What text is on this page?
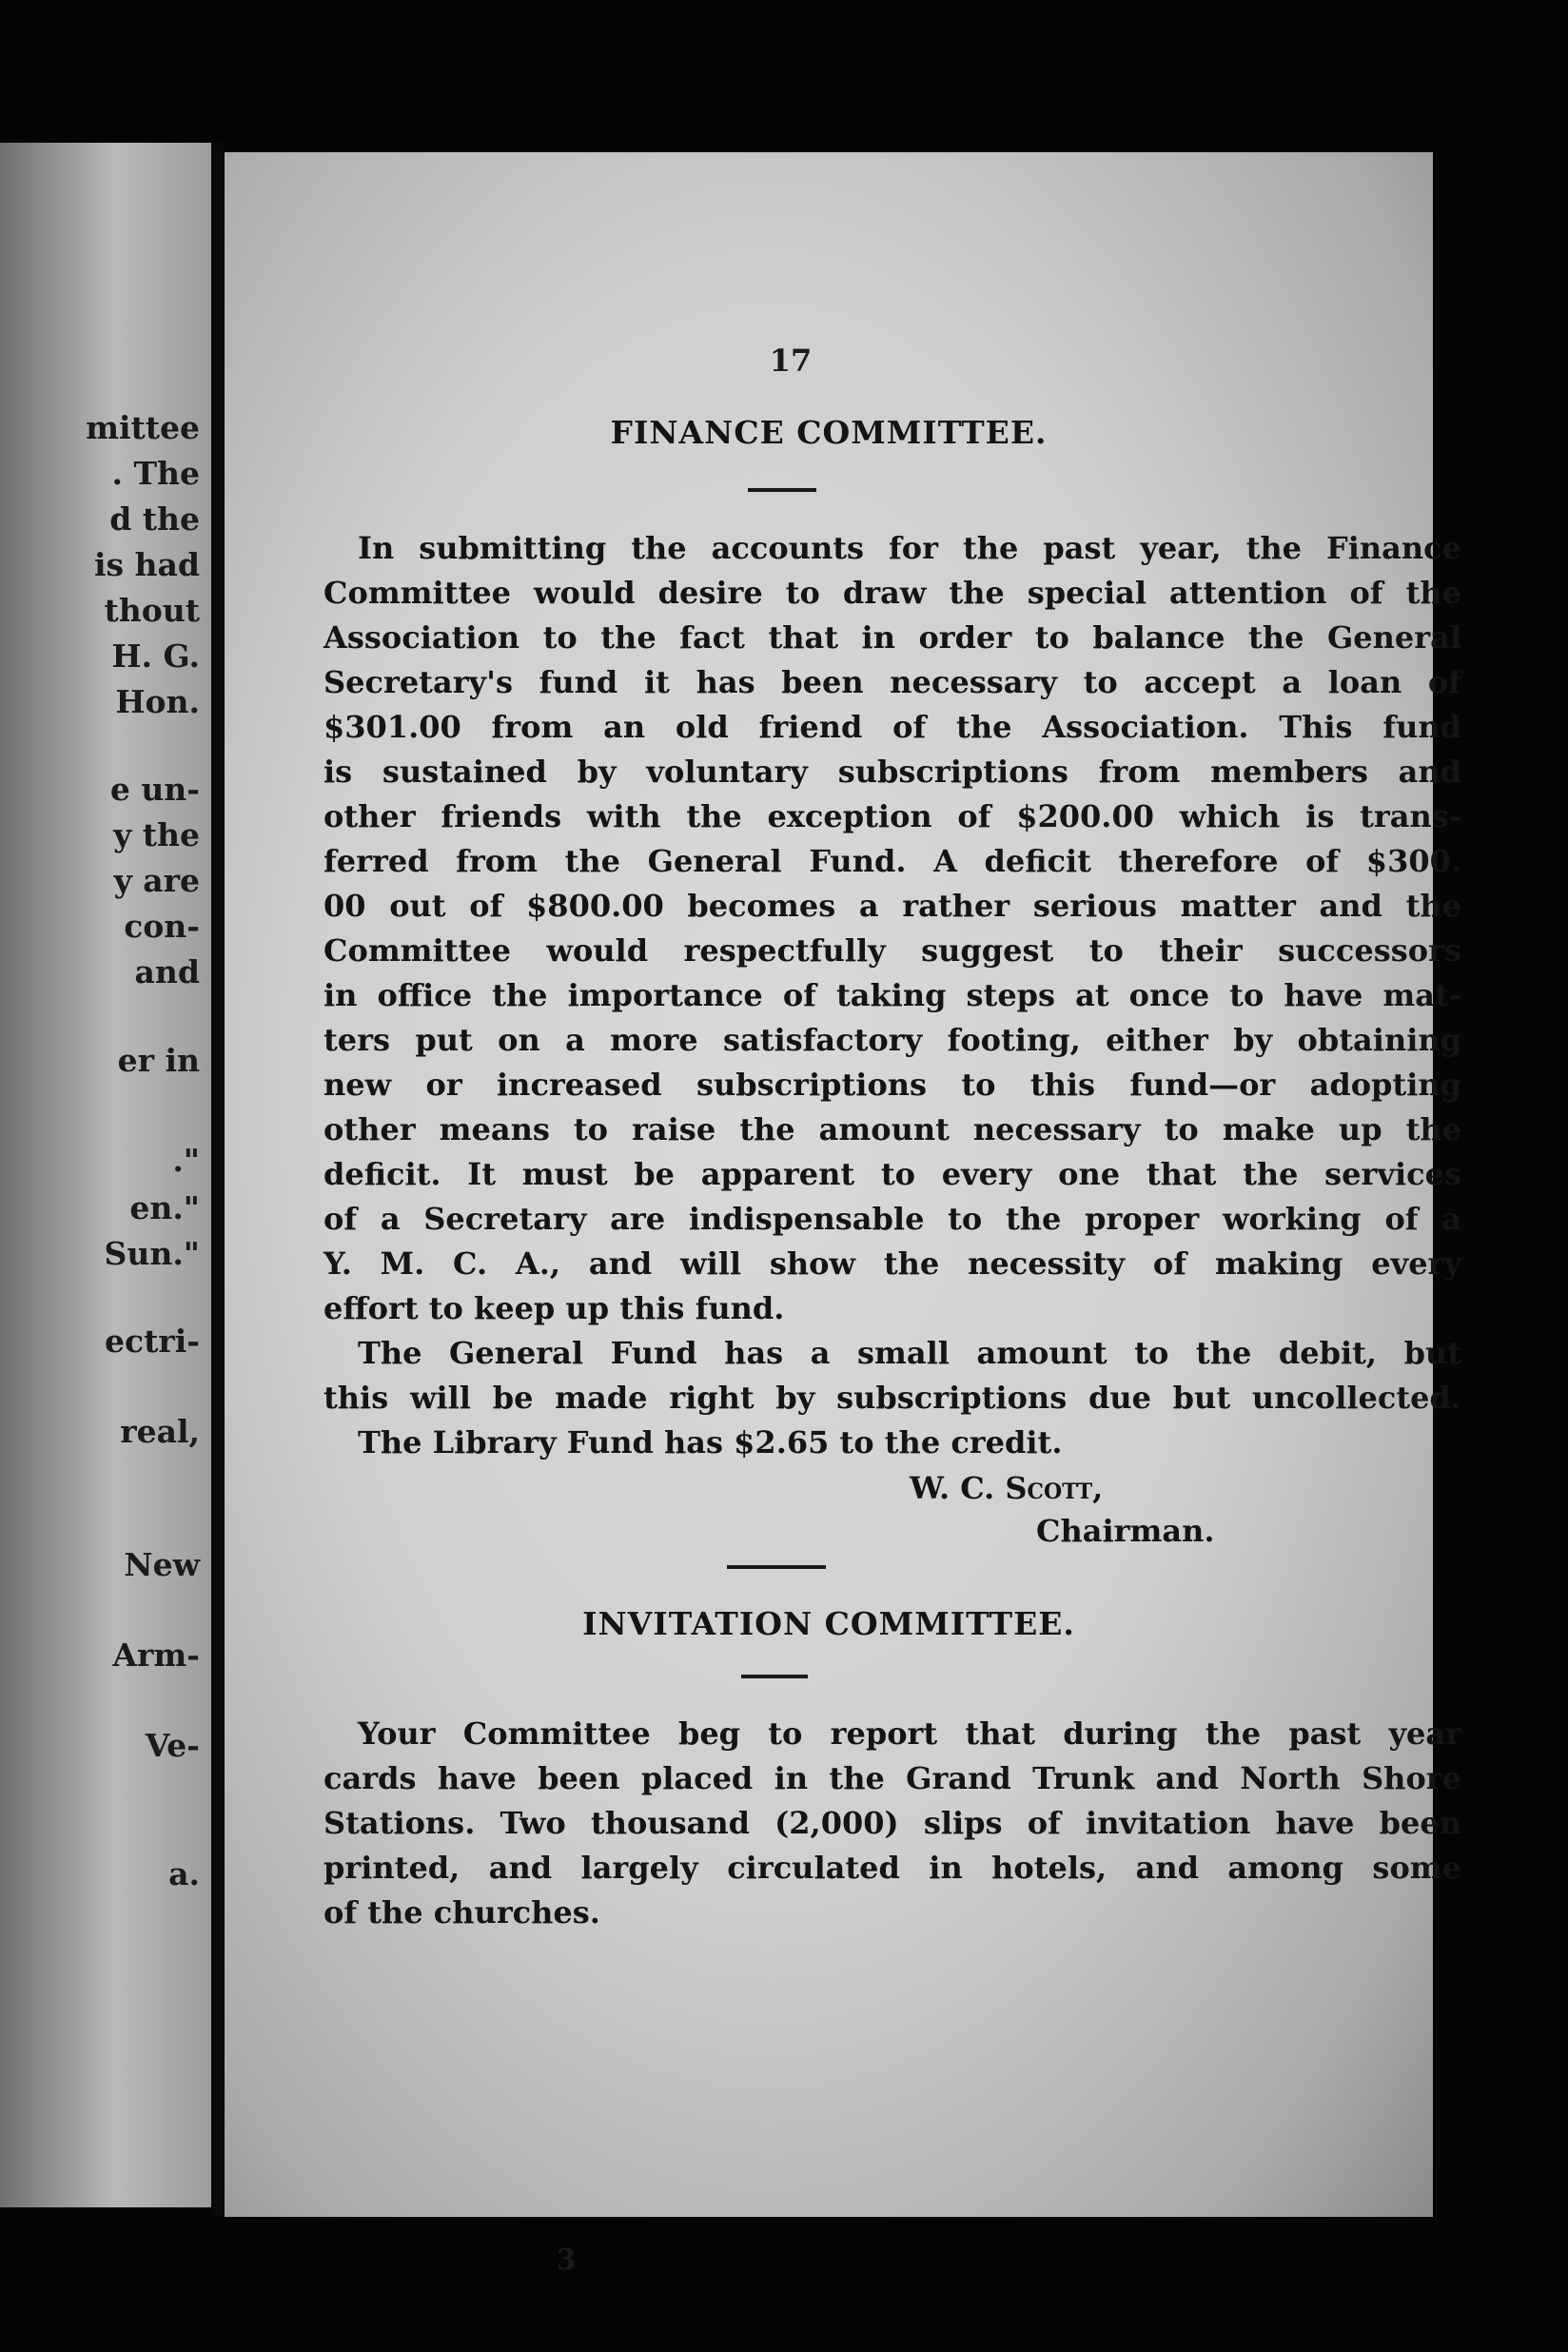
mittee

. The

d the

is had

thout

H. G.

Hon.

e un-

y the

y are

con-

and

er in

."

en."

Sun."

ectri-

real,

New

Arm-

Ve-

a.

17

FINANCE COMMITTEE.

In submitting the accounts for the past year, the Finance

Committee would desire to draw the special attention of the

Association to the fact that in order to balance the General

Secretary's fund it has been necessary to accept a loan of

$301.00 from an old friend of the Association. This fund

is sustained by voluntary subscriptions from members and

other friends with the exception of $200.00 which is trans-

ferred from the General Fund. A deficit therefore of $300.

00 out of $800.00 becomes a rather serious matter and the

Committee would respectfully suggest to their successors

in office the importance of taking steps at once to have mat-

ters put on a more satisfactory footing, either by obtaining

new or increased subscriptions to this fund—or adopting

other means to raise the amount necessary to make up the

deficit. It must be apparent to every one that the services

of a Secretary are indispensable to the proper working of a

Y. M. C. A., and will show the necessity of making every

effort to keep up this fund.

The General Fund has a small amount to the debit, but

this will be made right by subscriptions due but uncollected.

The Library Fund has $2.65 to the credit.

W. C. Scott,

Chairman.

INVITATION COMMITTEE.

Your Committee beg to report that during the past year

cards have been placed in the Grand Trunk and North Shore

Stations. Two thousand (2,000) slips of invitation have been

printed, and largely circulated in hotels, and among some

of the churches.

3
